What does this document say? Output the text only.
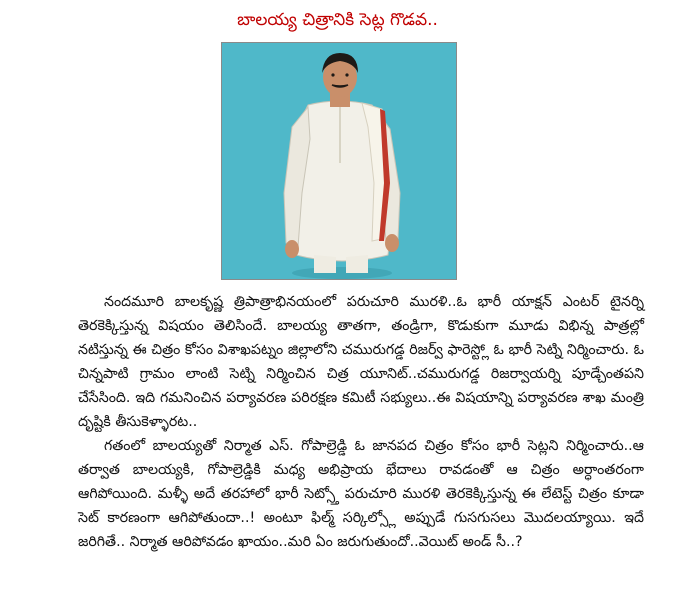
బాలయ్య చిత్రానికి సెట్ల గొడవ..

నందమూరి బాలకృష్ణ త్రిపాత్రాభినయంలో పరుచూరి మురళి..ఓ భారీ యాక్షన్ ఎంటర్ టైనర్ని తెరకెక్కిస్తున్న విషయం తెలిసిందే. బాలయ్య తాతగా, తండ్రిగా, కొడుకుగా మూడు విభిన్న పాత్రల్లో నటిస్తున్న ఈ చిత్రం కోసం విశాఖపట్నం జిల్లాలోని చమురుగడ్డ రిజర్వ్ ఫారెస్ట్లో ఓ భారీ సెట్ని నిర్మించారు. ఓ చిన్నపాటి గ్రామం లాంటి సెట్ని నిర్మించిన చిత్ర యూనిట్..చమురుగడ్డ రిజర్వాయర్ని పూడ్చేంతపని చేసేసింది. ఇది గమనించిన పర్యావరణ పరిరక్షణ కమిటీ సభ్యులు..ఈ విషయాన్ని పర్యావరణ శాఖ మంత్రి దృష్టికి తీసుకెళ్ళారట..

గతంలో బాలయ్యతో నిర్మాత ఎస్. గోపాల్రెడ్డి ఓ జానపద చిత్రం కోసం భారీ సెట్లని నిర్మించారు..ఆ తర్వాత బాలయ్యకి, గోపాల్రెడ్డికి మధ్య అభిప్రాయ భేదాలు రావడంతో ఆ చిత్రం అర్ధాంతరంగా ఆగిపోయింది. మళ్ళీ అదే తరహాలో భారీ సెట్స్తో పరుచూరి మురళి తెరకెక్కిస్తున్న ఈ లేటెస్ట్ చిత్రం కూడా సెట్ కారణంగా ఆగిపోతుందా..! అంటూ ఫిల్మ్ సర్కిల్స్లో అప్పుడే గుసగుసలు మొదలయ్యాయి. ఇదే జరిగితే.. నిర్మాత ఆరిపోవడం ఖాయం..మరి ఏం జరుగుతుందో..వెయిట్ అండ్ సీ..?
